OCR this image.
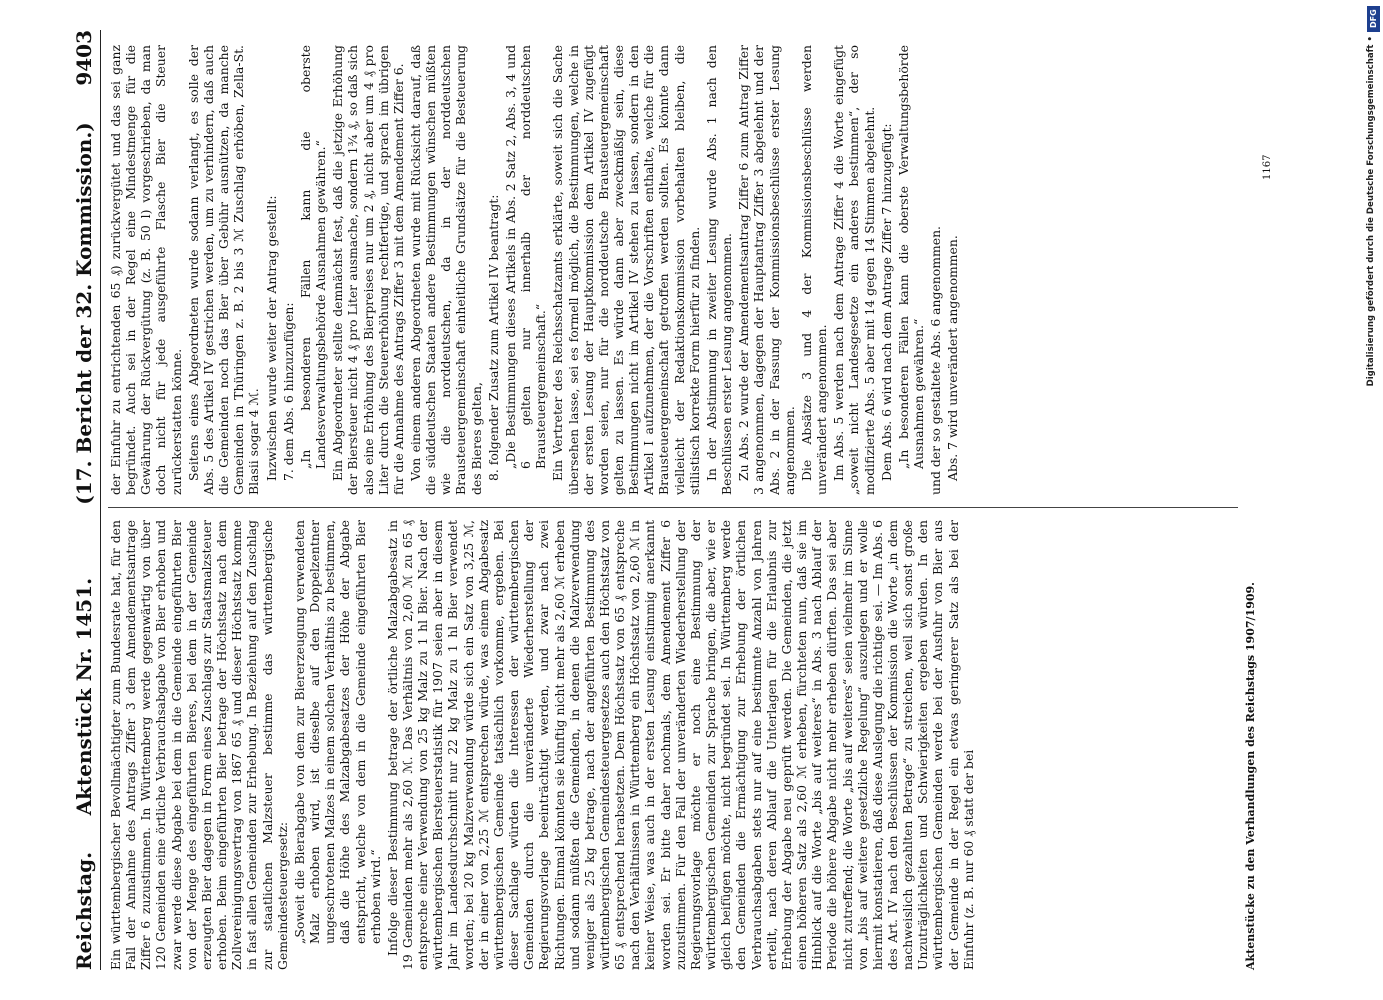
Reichstag.
Aktenstück Nr. 1451.
(17. Bericht der 32. Kommission.)
9403

Ein württembergischer Bevollmächtigter zum Bundesrate hat, für den Fall der Annahme des Antrags Ziffer 3 dem Amendementsantrage Ziffer 6 zuzustimmen. In Württemberg werde gegenwärtig von über 120 Gemeinden eine örtliche Verbrauchsabgabe von Bier erhoben und zwar werde diese Abgabe bei dem in die Gemeinde eingeführten Bier von der Menge des eingeführten Bieres, bei dem in der Gemeinde erzeugten Bier dagegen in Form eines Zuschlags zur Staatsmalzsteuer erhoben. Beim eingeführten Bier betrage der Höchstsatz nach dem Zollvereinigungsvertrag von 1867 65 ₰ und dieser Höchstsatz komme in fast allen Gemeinden zur Erhebung. In Beziehung auf den Zuschlag zur staatlichen Malzsteuer bestimme das württembergische Gemeindesteuergesetz: „Soweit die Bierabgabe von dem zur Biererzeugung verwendeten Malz erhoben wird, ist dieselbe auf den Doppelzentner ungeschrotenen Malzes in einem solchen Verhältnis zu bestimmen, daß die Höhe des Malzabgabesatzes der Höhe der Abgabe entspricht, welche von dem in die Gemeinde eingeführten Bier erhoben wird.“ Infolge dieser Bestimmung betrage der örtliche Malzabgabesatz in 19 Gemeinden mehr als 2,60 ℳ. Das Verhältnis von 2,60 ℳ zu 65 ₰ entspreche einer Verwendung von 25 kg Malz zu 1 hl Bier. Nach der württembergischen Biersteuerstatistik für 1907 seien aber in diesem Jahr im Landesdurchschnitt nur 22 kg Malz zu 1 hl Bier verwendet worden; bei 20 kg Malzverwendung würde sich ein Satz von 3,25 ℳ, der in einer von 2,25 ℳ entsprechen würde, was einem Abgabesatz württembergischen Gemeinde tatsächlich vorkomme, ergeben. Bei dieser Sachlage würden die Interessen der württembergischen Gemeinden durch die unveränderte Wiederherstellung der Regierungsvorlage beeinträchtigt werden, und zwar nach zwei Richtungen. Einmal könnten sie künftig nicht mehr als 2,60 ℳ erheben und sodann müßten die Gemeinden, in denen die Malzverwendung weniger als 25 kg betrage, nach der angeführten Bestimmung des württembergischen Gemeindesteuergesetzes auch den Höchstsatz von 65 ₰ entsprechend herabsetzen. Dem Höchstsatz von 65 ₰ entspreche nach den Verhältnissen in Württemberg ein Höchstsatz von 2,60 ℳ in keiner Weise, was auch in der ersten Lesung einstimmig anerkannt worden sei. Er bitte daher nochmals, dem Amendement Ziffer 6 zuzustimmen. Für den Fall der unveränderten Wiederherstellung der Regierungsvorlage möchte er noch eine Bestimmung der württembergischen Gemeinden zur Sprache bringen, die aber, wie er gleich beifügen möchte, nicht begründet sei. In Württemberg werde den Gemeinden die Ermächtigung zur Erhebung der örtlichen Verbrauchsabgaben stets nur auf eine bestimmte Anzahl von Jahren erteilt, nach deren Ablauf die Unterlagen für die Erlaubnis zur Erhebung der Abgabe neu geprüft werden. Die Gemeinden, die jetzt einen höheren Satz als 2,60 ℳ erheben, fürchteten nun, daß sie im Hinblick auf die Worte „bis auf weiteres“ in Abs. 3 nach Ablauf der Periode die höhere Abgabe nicht mehr erheben dürften. Das sei aber nicht zutreffend; die Worte „bis auf weiteres“ seien vielmehr im Sinne von „bis auf weitere gesetzliche Regelung“ auszulegen und er wolle hiermit konstatieren, daß diese Auslegung die richtige sei. — Im Abs. 6 des Art. IV nach den Beschlüssen der Kommission die Worte „in dem nachweislich gezahlten Betrage“ zu streichen, weil sich sonst große Unzuträglichkeiten und Schwierigkeiten ergeben würden. In den württembergischen Gemeinden werde bei der Ausfuhr von Bier aus der Gemeinde in der Regel ein etwas geringerer Satz als bei der Einfuhr (z. B. nur 60 ₰ statt der bei

der Einfuhr zu entrichtenden 65 ₰) zurückvergütet und das sei ganz begründet. Auch sei in der Regel eine Mindestmenge für die Gewährung der Rückvergütung (z. B. 50 l) vorgeschrieben, da man doch nicht für jede ausgeführte Flasche Bier die Steuer zurückerstatten könne. Seitens eines Abgeordneten wurde sodann verlangt, es solle der Abs. 5 des Artikel IV gestrichen werden, um zu verhindern, daß auch die Gemeinden noch das Bier über Gebühr ausnützen, da manche Gemeinden in Thüringen z. B. 2 bis 3 ℳ Zuschlag erhöben, Zella-St. Blasii sogar 4 ℳ. Inzwischen wurde weiter der Antrag gestellt: 7. dem Abs. 6 hinzuzufügen: „In besonderen Fällen kann die oberste Landesverwaltungsbehörde Ausnahmen gewähren.“ Ein Abgeordneter stellte demnächst fest, daß die jetzige Erhöhung der Biersteuer nicht 4 ₰ pro Liter ausmache, sondern 1¾ ₰, so daß sich also eine Erhöhung des Bierpreises nur um 2 ₰, nicht aber um 4 ₰ pro Liter durch die Steuererhöhung rechtfertige, und sprach im übrigen für die Annahme des Antrags Ziffer 3 mit dem Amendement Ziffer 6. Von einem anderen Abgeordneten wurde mit Rücksicht darauf, daß die süddeutschen Staaten andere Bestimmungen wünschen müßten wie die norddeutschen, da in der norddeutschen Brausteuergemeinschaft einheitliche Grundsätze für die Besteuerung des Bieres gelten, 8. folgender Zusatz zum Artikel IV beantragt: „Die Bestimmungen dieses Artikels in Abs. 2 Satz 2, Abs. 3, 4 und 6 gelten nur innerhalb der norddeutschen Brausteuergemeinschaft.“ Ein Vertreter des Reichsschatzamts erklärte, soweit sich die Sache übersehen lasse, sei es formell möglich, die Bestimmungen, welche in der ersten Lesung der Hauptkommission dem Artikel IV zugefügt worden seien, nur für die norddeutsche Brausteuergemeinschaft gelten zu lassen. Es würde dann aber zweckmäßig sein, diese Bestimmungen nicht im Artikel IV stehen zu lassen, sondern in den Artikel I aufzunehmen, der die Vorschriften enthalte, welche für die Brausteuergemeinschaft getroffen werden sollten. Es könnte dann vielleicht der Redaktionskommission vorbehalten bleiben, die stilistisch korrekte Form hierfür zu finden. In der Abstimmung in zweiter Lesung wurde Abs. 1 nach den Beschlüssen erster Lesung angenommen. Zu Abs. 2 wurde der Amendementsantrag Ziffer 6 zum Antrag Ziffer 3 angenommen, dagegen der Hauptantrag Ziffer 3 abgelehnt und der Abs. 2 in der Fassung der Kommissionsbeschlüsse erster Lesung angenommen. Die Absätze 3 und 4 der Kommissionsbeschlüsse werden unverändert angenommen. Im Abs. 5 werden nach dem Antrage Ziffer 4 die Worte eingefügt „soweit nicht Landesgesetze ein anderes bestimmen“, der so modifizierte Abs. 5 aber mit 14 gegen 14 Stimmen abgelehnt. Dem Abs. 6 wird nach dem Antrage Ziffer 7 hinzugefügt: „In besonderen Fällen kann die oberste Verwaltungsbehörde Ausnahmen gewähren.“ und der so gestaltete Abs. 6 angenommen. Abs. 7 wird unverändert angenommen.

Aktenstücke zu den Verhandlungen des Reichstags 1907/1909.
1167
DFG
Digitalisierung gefördert durch die Deutsche Forschungsgemeinschaft •
